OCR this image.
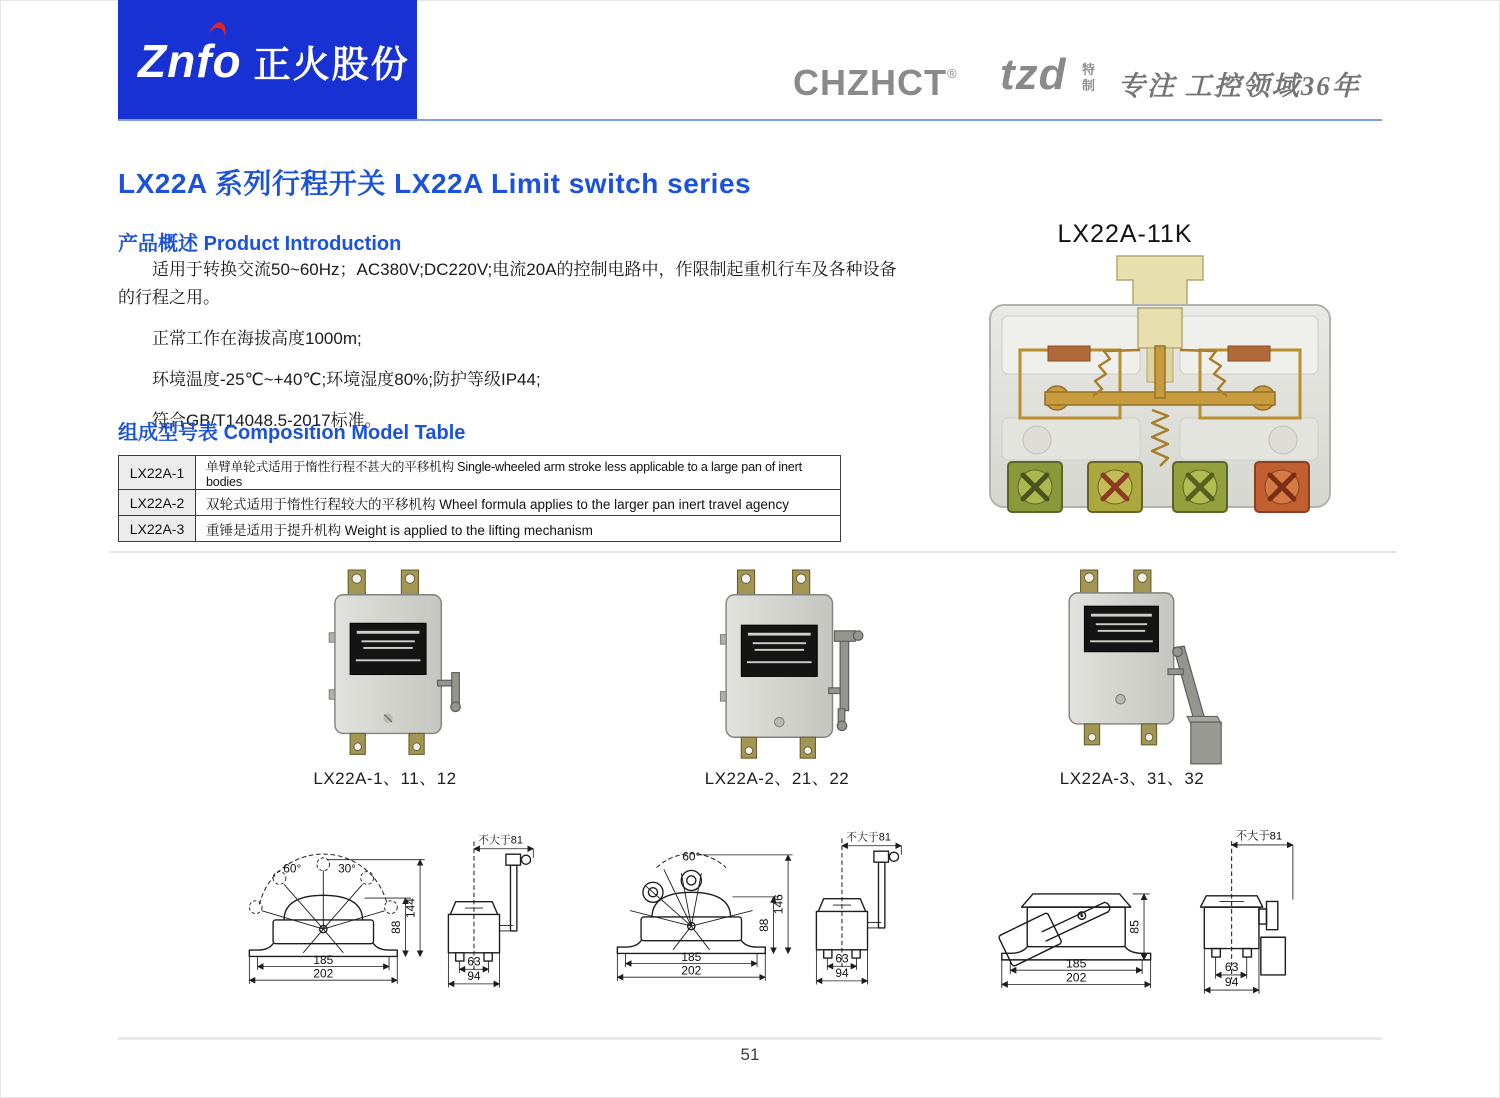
Znfo 正火股份	CHZHCT® tzd 特
制 专注 工控领域36年
LX22A 系列行程开关 LX22A Limit switch series
产品概述 Product Introduction

适用于转换交流50~60Hz；AC380V;DC220V;电流20A的控制电路中，作限制起重机行车及各种设备的行程之用。

正常工作在海拔高度1000m;

环境温度-25℃~+40℃;环境湿度80%;防护等级IP44;

符合GB/T14048.5-2017标准。

组成型号表 Composition Model Table
LX22A-1	单臂单轮式适用于惰性行程不甚大的平移机构 Single-wheeled arm stroke less applicable to a large pan of inert bodies
LX22A-2	双轮式适用于惰性行程较大的平移机构 Wheel formula applies to the larger pan inert travel agency
LX22A-3	重锤是适用于提升机构 Weight is applied to the lifting mechanism
LX22A-11K
LX22A-1、11、12	LX22A-2、21、22	LX22A-3、31、32
60°	30°
88
144
185
202
不大于81
63
94
60°
88
146
185
202
不大于81
63
94
85
185
202
不大于81
63
94
51
